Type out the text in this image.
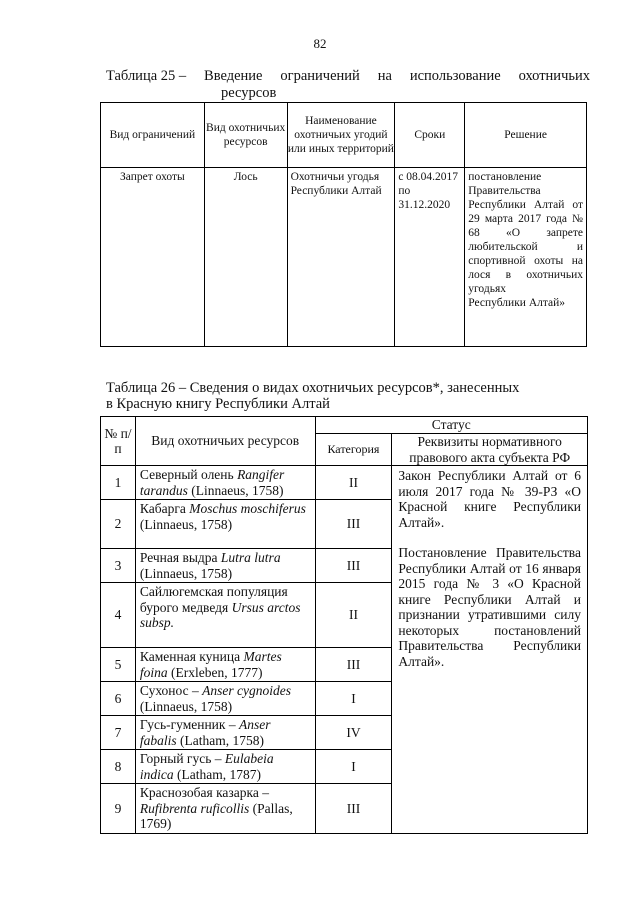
82
Таблица 25 – Введение ограничений на использование охотничьих
ресурсов
Вид ограничений	Вид охотничьих ресурсов	Наименование охотничьих угодий или иных территорий	Сроки	Решение
Запрет охоты	Лось	Охотничьи угодья Республики Алтай	с 08.04.2017 по 31.12.2020	постановление Правительства Республики Алтай от 29 марта 2017 года № 68 «О запрете любительской и спортивной охоты на лося в охотничьих угодьях
Республики Алтай»
Таблица 26 – Сведения о видах охотничьих ресурсов*, занесенных
в Красную книгу Республики Алтай
№ п/п	Вид охотничьих ресурсов	Статус	
		Категория	Реквизиты нормативного правового акта субъекта РФ
1	Северный олень Rangifer tarandus (Linnaeus, 1758)	II	Закон Республики Алтай от 6 июля 2017 года № 39-РЗ «О Красной книге Республики Алтай».

Постановление Правительства Республики Алтай от 16 января 2015 года № 3 «О Красной книге Республики Алтай и признании утратившими силу некоторых постановлений Правительства Республики Алтай».

2	Кабарга Moschus moschiferus (Linnaeus, 1758)	III	
3	Речная выдра Lutra lutra (Linnaeus, 1758)	III	
4	Сайлюгемская популяция бурого медведя Ursus arctos subsp.	II	
5	Каменная куница Martes foina (Erxleben, 1777)	III	
6	Сухонос – Anser cygnoides (Linnaeus, 1758)	I	
7	Гусь-гуменник – Anser fabalis (Latham, 1758)	IV	
8	Горный гусь – Eulabeia indica (Latham, 1787)	I	
9	Краснозобая казарка – Rufibrenta ruficollis (Pallas, 1769)	III	
